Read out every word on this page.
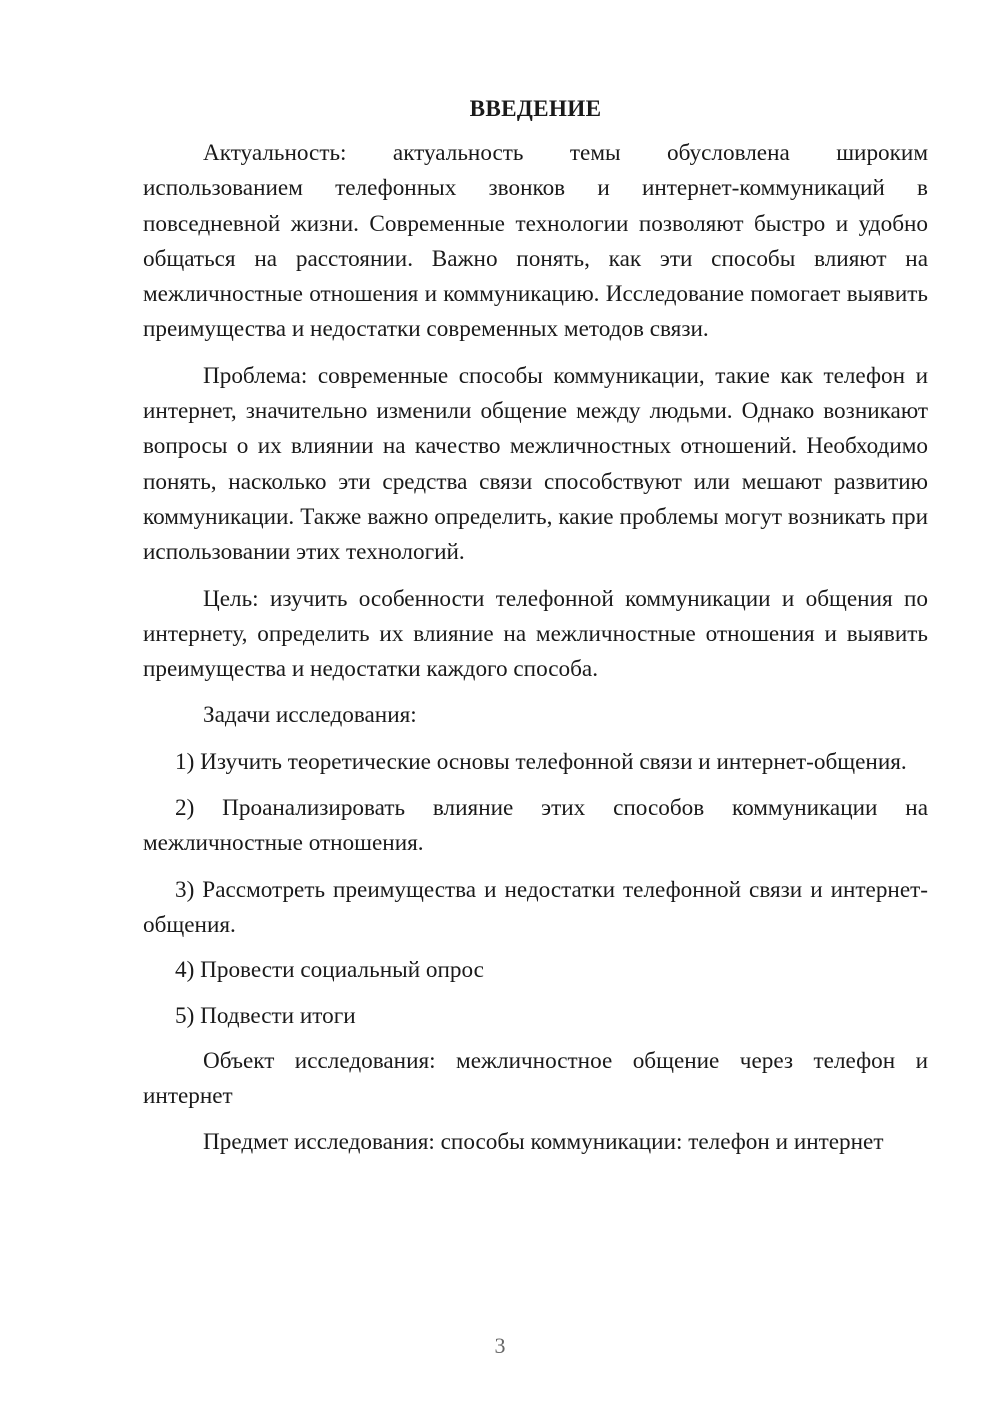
ВВЕДЕНИЕ

Актуальность: актуальность темы обусловлена широким использованием телефонных звонков и интернет-коммуникаций в повседневной жизни. Современные технологии позволяют быстро и удобно общаться на расстоянии. Важно понять, как эти способы влияют на межличностные отношения и коммуникацию. Исследование помогает выявить преимущества и недостатки современных методов связи.

Проблема: современные способы коммуникации, такие как телефон и интернет, значительно изменили общение между людьми. Однако возникают вопросы о их влиянии на качество межличностных отношений. Необходимо понять, насколько эти средства связи способствуют или мешают развитию коммуникации. Также важно определить, какие проблемы могут возникать при использовании этих технологий.

Цель: изучить особенности телефонной коммуникации и общения по интернету, определить их влияние на межличностные отношения и выявить преимущества и недостатки каждого способа.

Задачи исследования:

1) Изучить теоретические основы телефонной связи и интернет-общения.

2) Проанализировать влияние этих способов коммуникации на межличностные отношения.

3) Рассмотреть преимущества и недостатки телефонной связи и интернет-общения.

4) Провести социальный опрос

5) Подвести итоги

Объект исследования: межличностное общение через телефон и интернет

Предмет исследования: способы коммуникации: телефон и интернет

3
